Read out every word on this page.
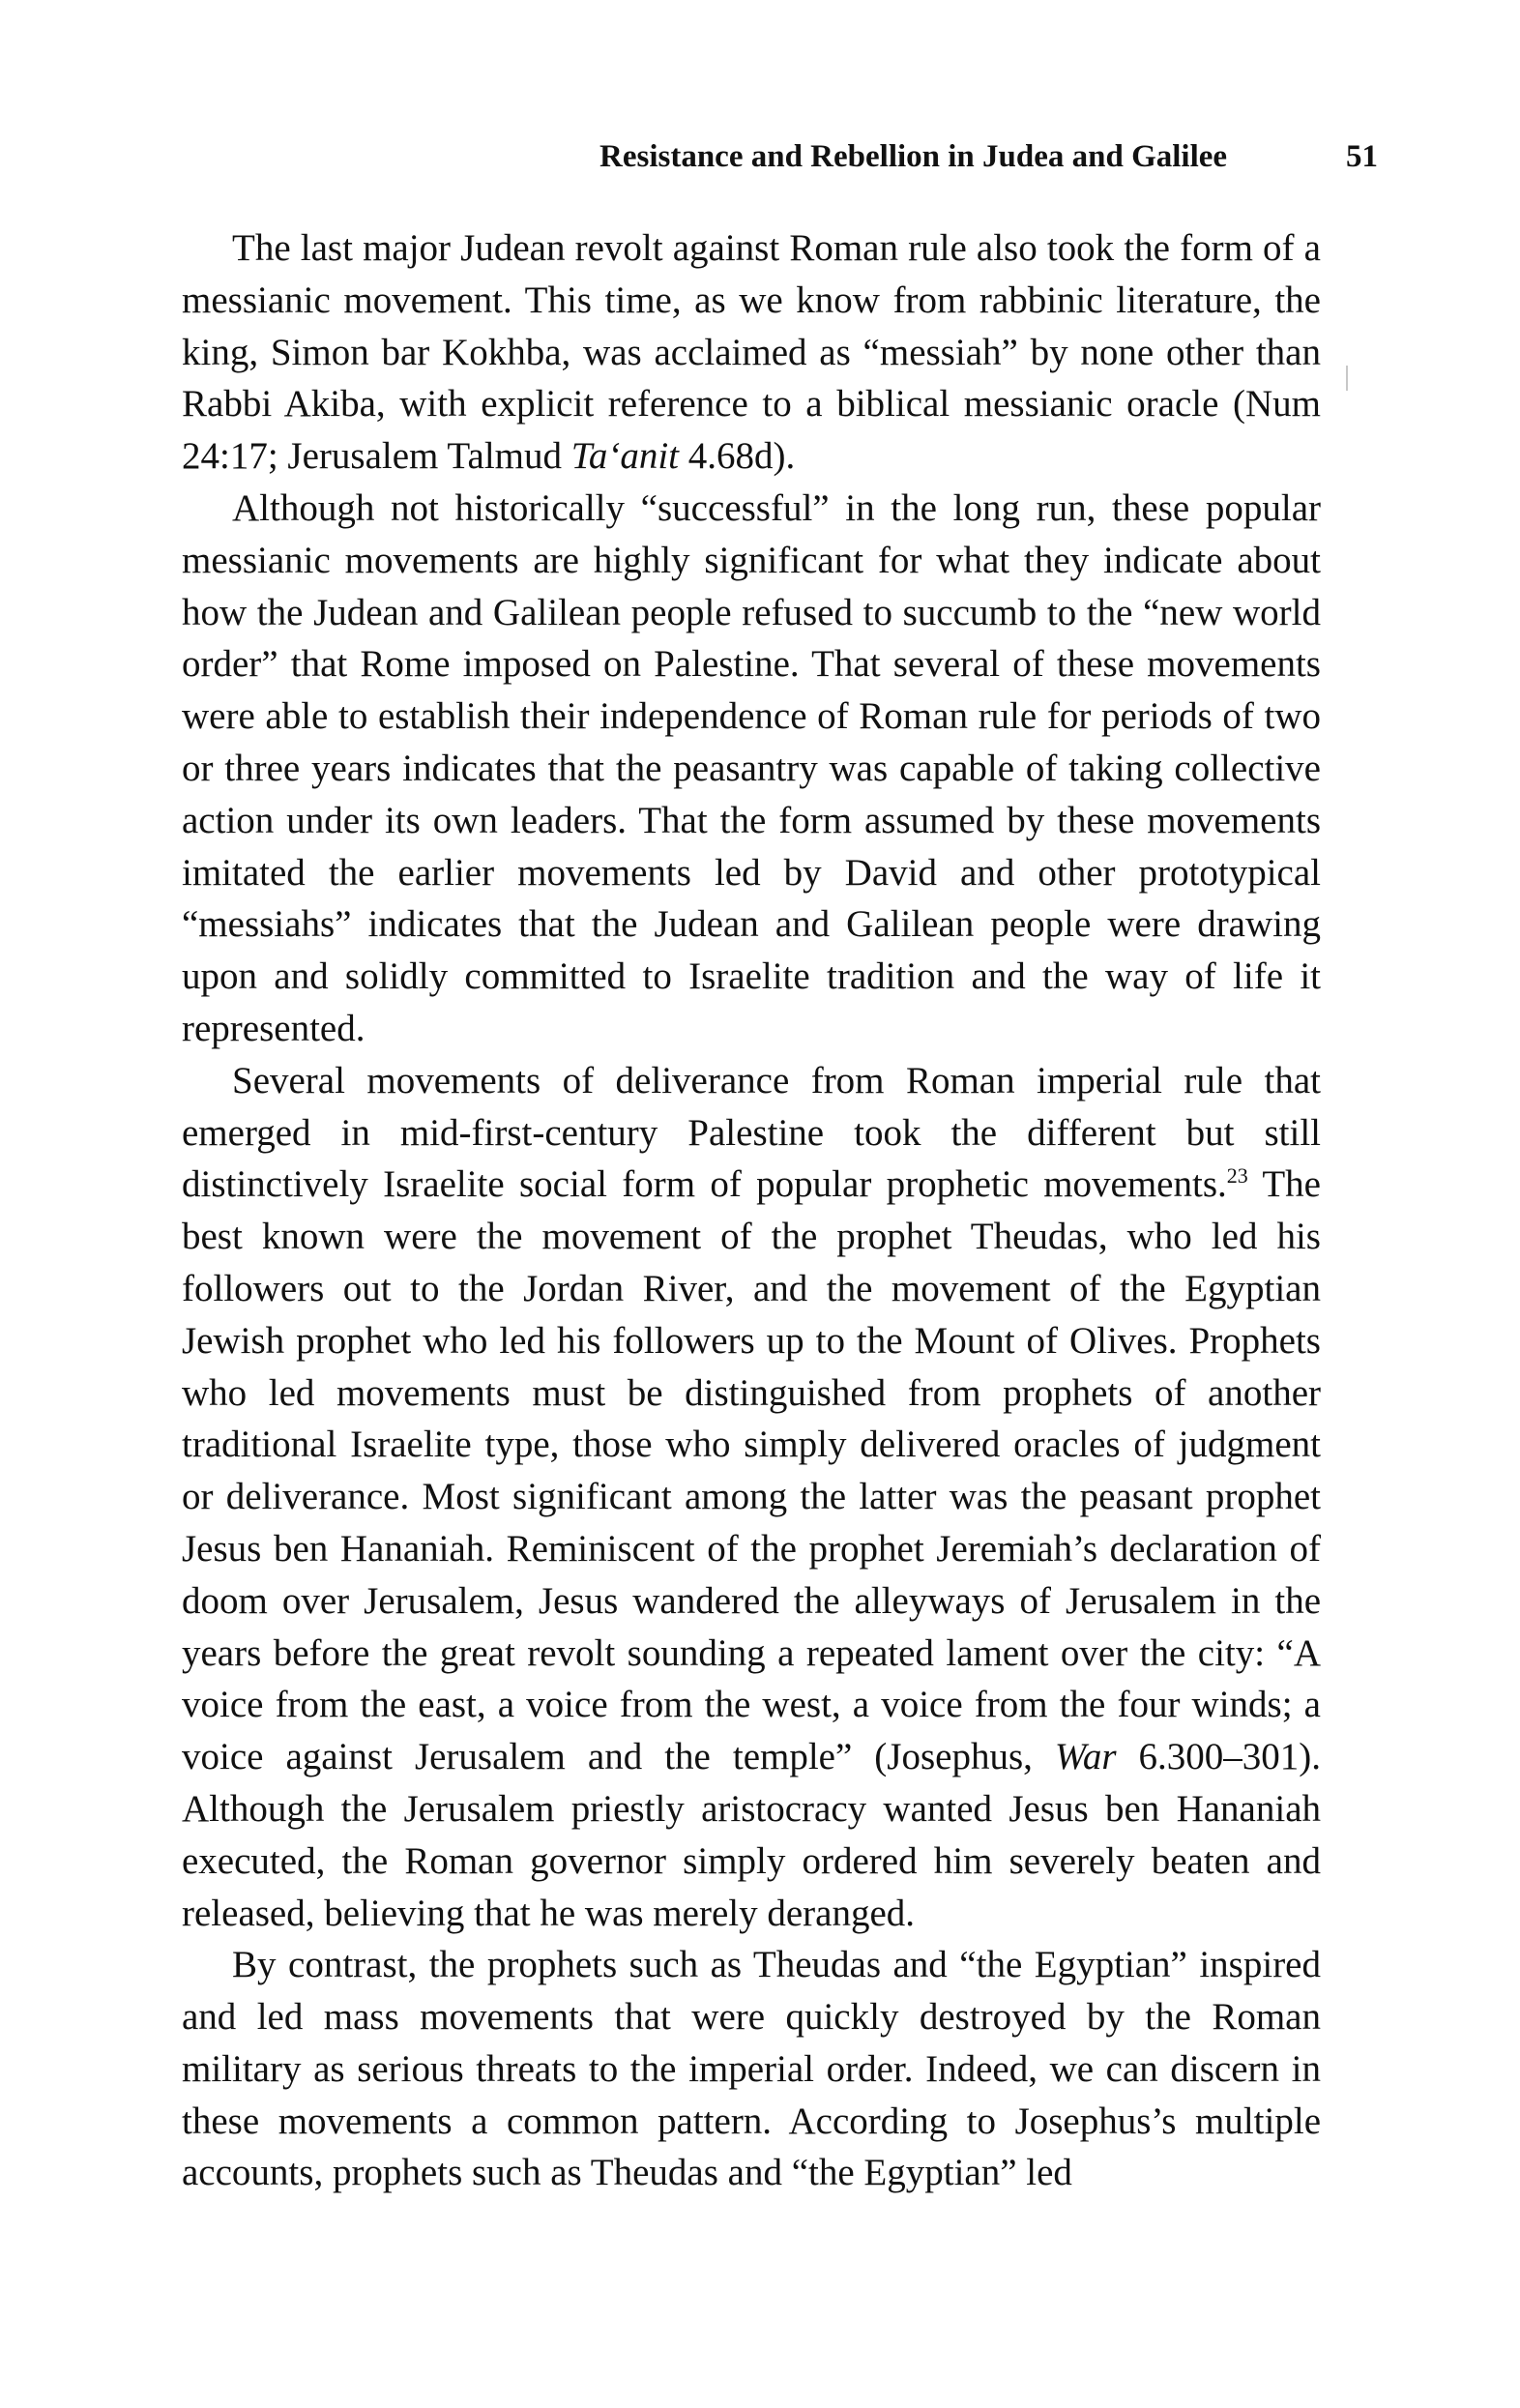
Resistance and Rebellion in Judea and Galilee	51

The last major Judean revolt against Roman rule also took the form of a messianic movement. This time, as we know from rabbinic literature, the king, Simon bar Kokhba, was acclaimed as “messiah” by none other than Rabbi Akiba, with explicit reference to a biblical messianic oracle (Num 24:17; Jerusalem Talmud Ta‘anit 4.68d).

Although not historically “successful” in the long run, these popular messianic movements are highly significant for what they indicate about how the Judean and Galilean people refused to succumb to the “new world order” that Rome imposed on Palestine. That several of these movements were able to establish their independence of Roman rule for periods of two or three years indicates that the peasantry was capable of taking collective action under its own leaders. That the form assumed by these movements imitated the earlier movements led by David and other prototypical “messiahs” indicates that the Judean and Galilean people were drawing upon and solidly committed to Israelite tradition and the way of life it represented.

Several movements of deliverance from Roman imperial rule that emerged in mid-first-century Palestine took the different but still distinctively Israelite social form of popular prophetic movements.$^{23}$ The best known were the movement of the prophet Theudas, who led his followers out to the Jordan River, and the movement of the Egyptian Jewish prophet who led his followers up to the Mount of Olives. Prophets who led movements must be distinguished from prophets of another traditional Israelite type, those who simply delivered oracles of judgment or deliverance. Most significant among the latter was the peasant prophet Jesus ben Hananiah. Reminiscent of the prophet Jeremiah’s declaration of doom over Jerusalem, Jesus wandered the alleyways of Jerusalem in the years before the great revolt sounding a repeated lament over the city: “A voice from the east, a voice from the west, a voice from the four winds; a voice against Jerusalem and the temple” (Josephus, War 6.300–301). Although the Jerusalem priestly aristocracy wanted Jesus ben Hananiah executed, the Roman governor simply ordered him severely beaten and released, believing that he was merely deranged.

By contrast, the prophets such as Theudas and “the Egyptian” inspired and led mass movements that were quickly destroyed by the Roman military as serious threats to the imperial order. Indeed, we can discern in these movements a common pattern. According to Josephus’s multiple accounts, prophets such as Theudas and “the Egyptian” led
